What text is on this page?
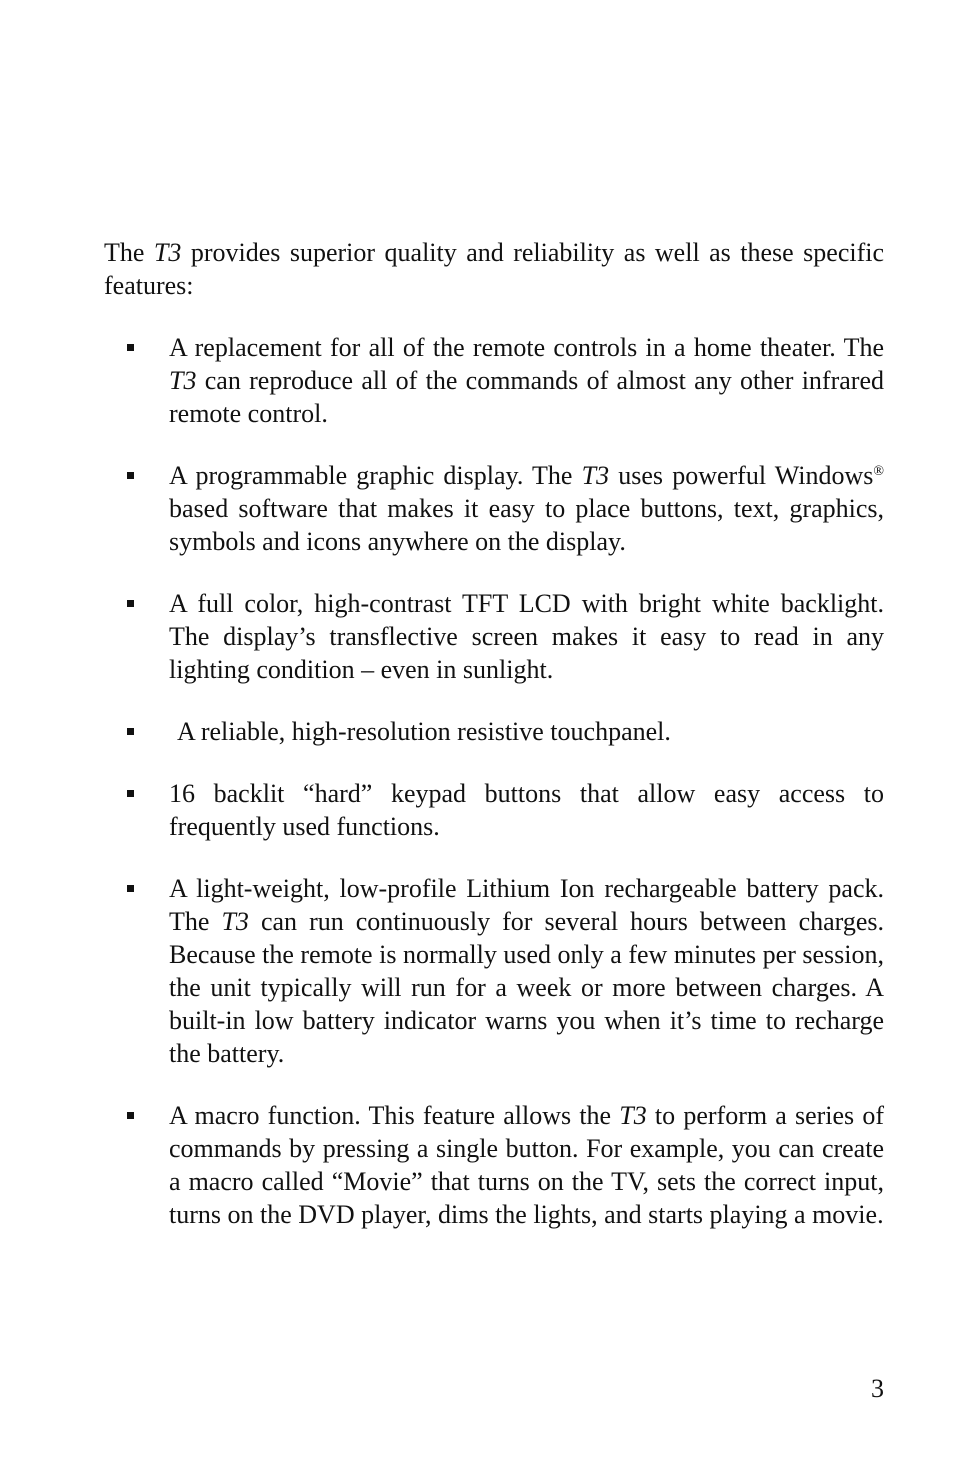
The T3 provides superior quality and reliability as well as these specific features:

A replacement for all of the remote controls in a home theater. The T3 can reproduce all of the commands of almost any other infrared remote control.
A programmable graphic display. The T3 uses powerful Windows® based software that makes it easy to place buttons, text, graphics, symbols and icons anywhere on the display.
A full color, high-contrast TFT LCD with bright white backlight. The display’s transflective screen makes it easy to read in any lighting condition – even in sunlight.
A reliable, high-resolution resistive touchpanel.
16 backlit “hard” keypad buttons that allow easy access to frequently used functions.
A light-weight, low-profile Lithium Ion rechargeable battery pack. The T3 can run continuously for several hours between charges. Because the remote is normally used only a few minutes per session, the unit typically will run for a week or more between charges. A built-in low battery indicator warns you when it’s time to recharge the battery.
A macro function. This feature allows the T3 to perform a series of commands by pressing a single button. For example, you can create a macro called “Movie” that turns on the TV, sets the correct input, turns on the DVD player, dims the lights, and starts playing a movie.
3
